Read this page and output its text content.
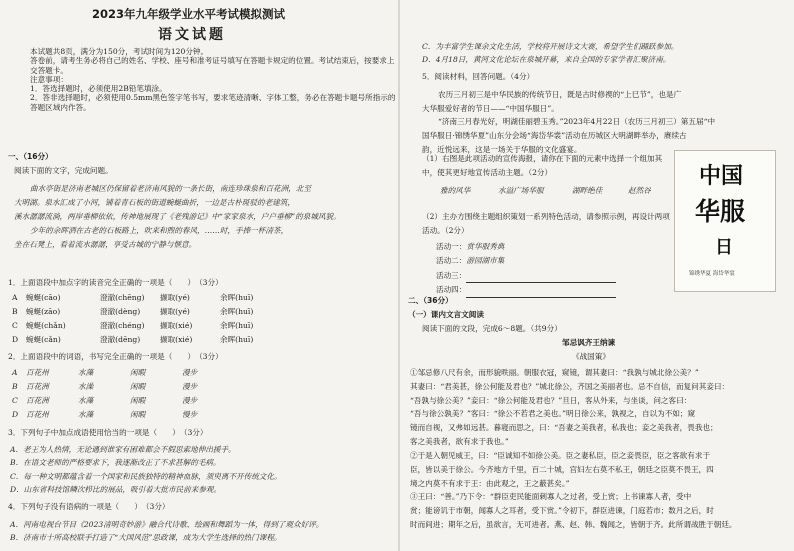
2023年九年级学业水平考试模拟测试
语文试题

本试题共8页，满分为150分，考试时间为120分钟。

答卷前，请考生务必将自己的姓名、学校、座号和准考证号填写在答题卡规定的位置。考试结束后，按要求上交答题卡。

注意事项：

1．答选择题时，必须使用2B铅笔填涂。

2．答非选择题时，必须使用0.5mm黑色签字笔书写，要求笔迹清晰、字体工整，务必在答题卡题号所指示的答题区域内作答。

一、（16分）
阅读下面的文字，完成问题。

曲水亭街是济南老城区仍保留着老济南风貌的一条长街，南连珍珠泉和百花洲，北至

大明湖。泉水汇成了小河，铺着青石板的街道蜿蜒曲折，一边是古朴斑驳的老建筑，

溪水潺潺流淌，两岸垂柳依依，传神地展现了《老残游记》中“家家泉水，户户垂柳”的泉城风貌。

少年的余晖洒在古老的石板路上，吹来和煦的春风，……时，手捧一杯清茶，

坐在石凳上，看着流水潺潺，享受古城的宁静与惬意。

1．上面语段中加点字的读音完全正确的一项是（　　）　（3分）
A 蜿蜒(cāo)	澄澈(chēng) 撷取(yé)	余晖(huī)
B 蜿蜒(zāo)	澄澈(dèng)	撷取(yé)	余晖(huī)
C 蜿蜒(chǎn)	澄澈(chéng) 撷取(xié)	余晖(huī)
D 蜿蜒(cǎn)	澄澈(dēng)	撷取(xié)	余晖(huī)
2．上面语段中的词语，书写完全正确的一项是（　　）　（3分）
A 百花州	水藻	闲暇	漫步
B 百花洲	水澡	闲暇	漫步
C 百花洲	水藻	闲暇	漫步
D 百花州	水藻	闲暇	慢步
3．下列句子中加点成语使用恰当的一项是（　　）　（3分）

A．老王为人热情，无论遇到谁家有困难都会不假思索地伸出援手。

B．在语文老师的严格要求下，我逐渐改正了不求甚解的毛病。

C．每一种文明都蕴含着一个国家和民族独特的精神血脉，须臾离不开传统文化。

D．山东省科技馆鳞次栉比的展品，吸引着大批市民前来参观。

4．下列句子没有语病的一项是（　　）　（3分）

A．河南电视台节目《2023清明奇妙游》融合代诗歌、绘画和舞蹈为一体，得到了观众好评。

B．济南市十所高校联手打造了“大国风范”思政课，成为大学生选择的热门课程。

C．为丰富学生课余文化生活，学校将开展诗文大赛，希望学生们踊跃参加。

D．4月18日，黄河文化论坛在泉城开幕，来自全国的专家学者汇聚济南。

5．阅读材料，回答问题。（4分）

农历三月初三是中华民族的传统节日，既是古时修禊的“上巳节”，也是广

大华服爱好者的节日——“中国华服日”。

“济南三月春光好，明湖佳丽碧玉秀。”2023年4月22日（农历三月初三）第五届“中

国华服日·锦绣华夏”山东分会场“海岱华裳”活动在历城区大明湖畔举办，赓续古

韵，近悦远来，这是一场关于华服的文化盛宴。

（1）右图是此项活动的宣传海报，请你在下面的元素中选择一个组加其中，使其更好地宣传活动主题。（2分）
雅的风华	水溢广场华服	湖畔绝佳	赵然谷
（2）主办方围绕主题组织策划一系列特色活动，请参照示例，再设计两项活动。（2分）

活动一：赏华服秀典

活动二：游园湖市集

活动三：

活动四：

中国
华服
日
锦绣华夏 海岱华裳
二、（36分）
（一）课内文言文阅读
阅读下面的文段，完成6～8题。（共9分）
邹忌讽齐王纳谏
《战国策》

①邹忌修八尺有余，而形貌昳丽。朝服衣冠，窥镜，谓其妻曰：“我孰与城北徐公美？”

其妻曰：“君美甚，徐公何能及君也？”城北徐公，齐国之美丽者也。忌不自信，而复问其妾曰：

“吾孰与徐公美？”妾曰：“徐公何能及君也？”旦日，客从外来，与坐谈，问之客曰：

“吾与徐公孰美？”客曰：“徐公不若君之美也。”明日徐公来，孰视之，自以为不如；窥

镜而自视，又弗如远甚。暮寝而思之，曰：“吾妻之美我者，私我也；妾之美我者，畏我也；

客之美我者，欲有求于我也。”

②于是入朝见威王，曰：“臣诚知不如徐公美。臣之妻私臣，臣之妾畏臣，臣之客欲有求于

臣，皆以美于徐公。今齐地方千里，百二十城，宫妇左右莫不私王，朝廷之臣莫不畏王，四

境之内莫不有求于王：由此观之，王之蔽甚矣。”

③王曰：“善。”乃下令：“群臣吏民能面刺寡人之过者，受上赏；上书谏寡人者，受中

赏；能谤讥于市朝，闻寡人之耳者，受下赏。”令初下，群臣进谏，门庭若市；数月之后，时

时而间进；期年之后，虽欲言，无可进者。燕、赵、韩、魏闻之，皆朝于齐。此所谓战胜于朝廷。
